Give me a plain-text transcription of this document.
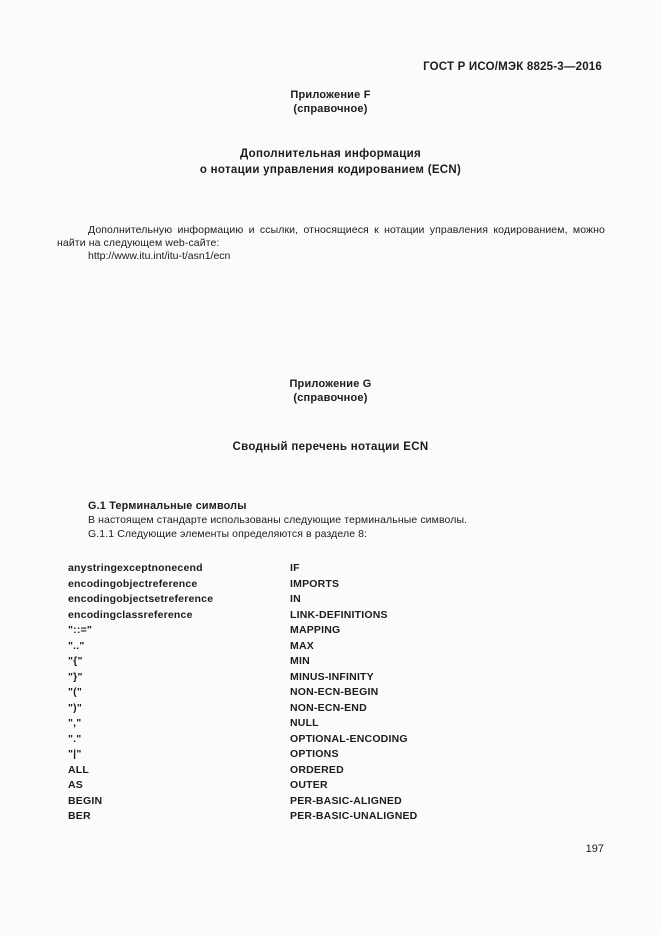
ГОСТ Р ИСО/МЭК 8825-3—2016
Приложение F
(справочное)
Дополнительная информация
о нотации управления кодированием (ECN)
Дополнительную информацию и ссылки, относящиеся к нотации управления кодированием, можно найти на следующем web-сайте:
http://www.itu.int/itu-t/asn1/ecn
Приложение G
(справочное)
Сводный перечень нотации ECN
G.1 Терминальные символы
В настоящем стандарте использованы следующие терминальные символы.
G.1.1 Следующие элементы определяются в разделе 8:
anystringexceptnonecend	IF
encodingobjectreference	IMPORTS
encodingobjectsetreference	IN
encodingclassreference	LINK-DEFINITIONS
"::="	MAPPING
".."	MAX
"{"	MIN
"}"	MINUS-INFINITY
"("	NON-ECN-BEGIN
")"	NON-ECN-END
","	NULL
"."	OPTIONAL-ENCODING
"|"	OPTIONS
ALL	ORDERED
AS	OUTER
BEGIN	PER-BASIC-ALIGNED
BER	PER-BASIC-UNALIGNED
197
